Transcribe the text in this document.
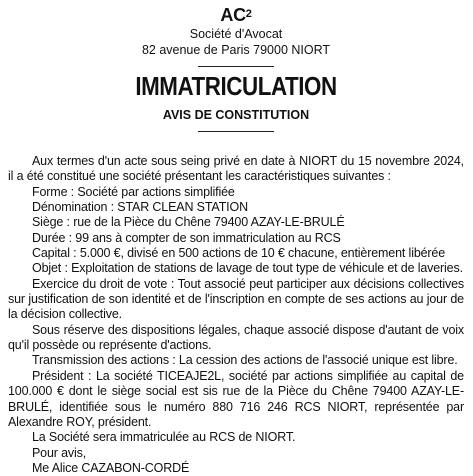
$AC^2$
Société d'Avocat
82 avenue de Paris 79000 NIORT
IMMATRICULATION
AVIS DE CONSTITUTION

Aux termes d'un acte sous seing privé en date à NIORT du 15 novembre 2024, il a été constitué une société présentant les caractéristiques suivantes :

Forme : Société par actions simplifiée

Dénomination : STAR CLEAN STATION

Siège : rue de la Pièce du Chêne 79400 AZAY-LE-BRULÉ

Durée : 99 ans à compter de son immatriculation au RCS

Capital : 5.000 €, divisé en 500 actions de 10 € chacune, entièrement libérée

Objet : Exploitation de stations de lavage de tout type de véhicule et de laveries.

Exercice du droit de vote : Tout associé peut participer aux décisions collectives sur justification de son identité et de l'inscription en compte de ses actions au jour de la décision collective.

Sous réserve des dispositions légales, chaque associé dispose d'autant de voix qu'il possède ou représente d'actions.

Transmission des actions : La cession des actions de l'associé unique est libre.

Président : La société TICEAJE2L, société par actions simplifiée au capital de 100.000 € dont le siège social est sis rue de la Pièce du Chêne 79400 AZAY-LE-BRULÉ, identifiée sous le numéro 880 716 246 RCS NIORT, représentée par Alexandre ROY, président.

La Société sera immatriculée au RCS de NIORT.

Pour avis,

Me Alice CAZABON-CORDÉ
